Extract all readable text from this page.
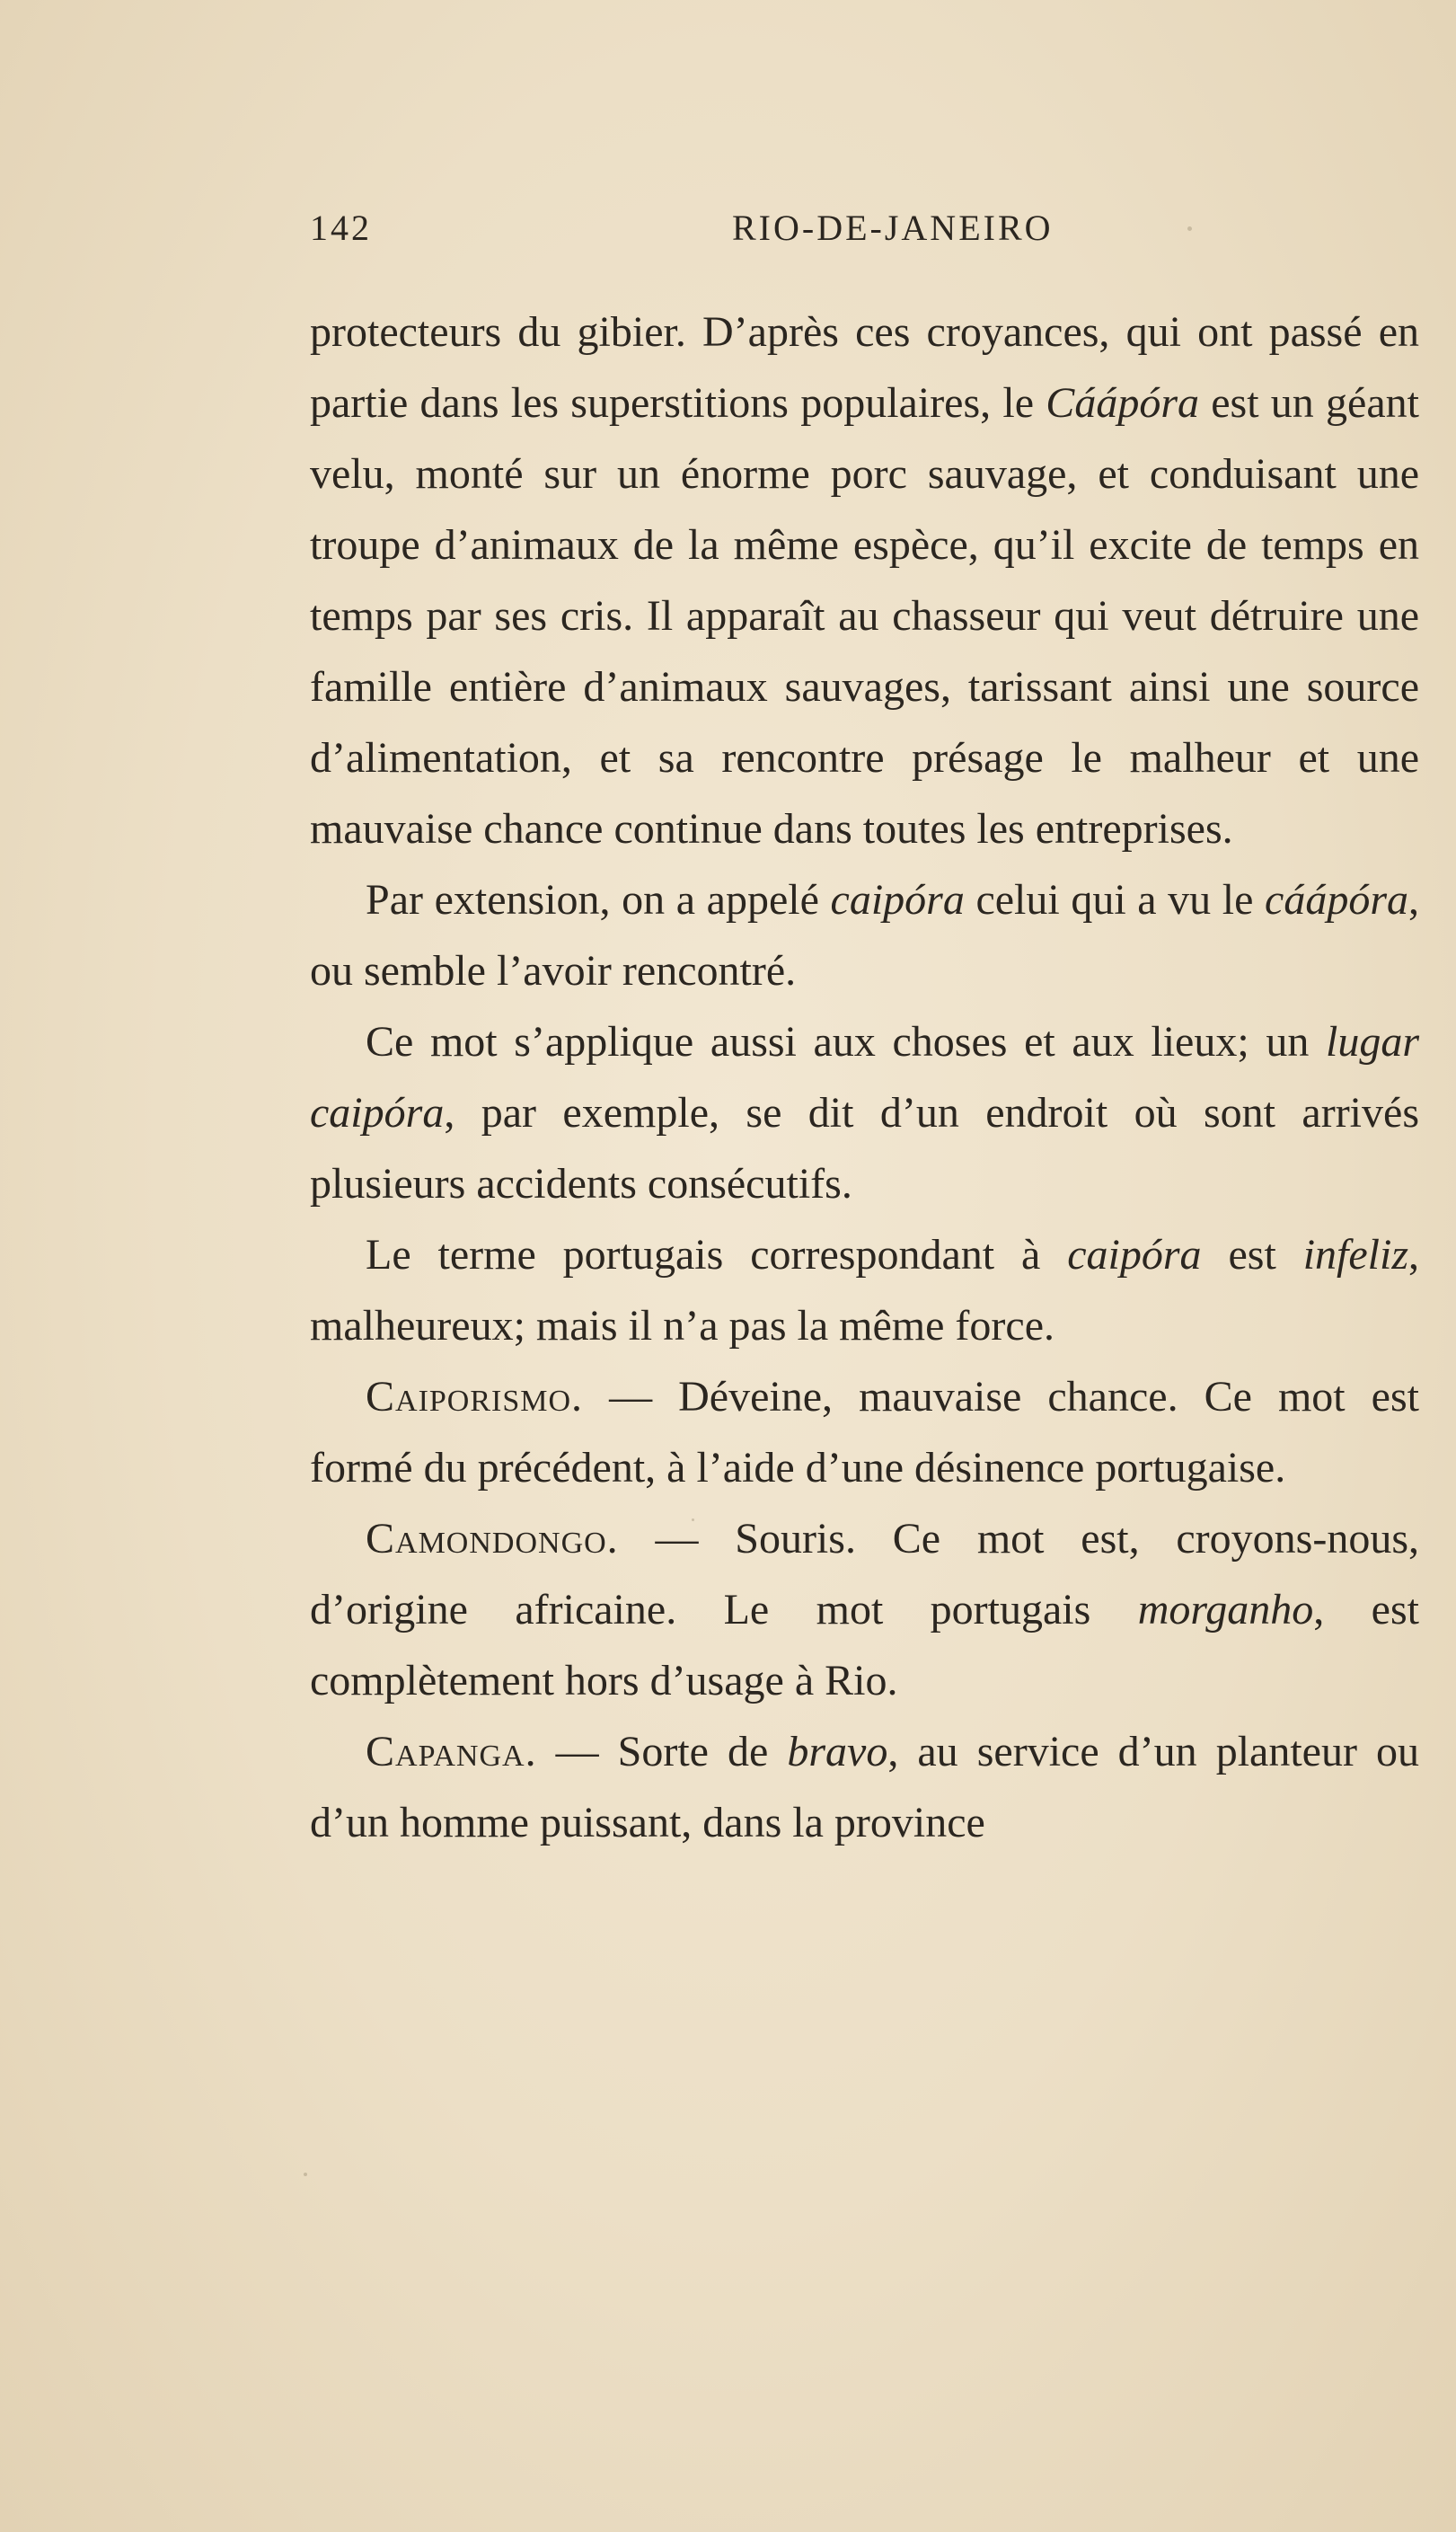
142	RIO-DE-JANEIRO

protecteurs du gibier. D’après ces croyances, qui ont passé en partie dans les superstitions populaires, le Cáápóra est un géant velu, monté sur un énorme porc sauvage, et conduisant une troupe d’animaux de la même espèce, qu’il excite de temps en temps par ses cris. Il apparaît au chasseur qui veut détruire une famille entière d’animaux sauvages, tarissant ainsi une source d’alimentation, et sa rencontre présage le malheur et une mauvaise chance continue dans toutes les entreprises.

Par extension, on a appelé caipóra celui qui a vu le cáápóra, ou semble l’avoir rencontré.

Ce mot s’applique aussi aux choses et aux lieux; un lugar caipóra, par exemple, se dit d’un endroit où sont arrivés plusieurs accidents consécutifs.

Le terme portugais correspondant à caipóra est infeliz, malheureux; mais il n’a pas la même force.

Caiporismo. — Déveine, mauvaise chance. Ce mot est formé du précédent, à l’aide d’une désinence portugaise.

Camondongo. — Souris. Ce mot est, croyons-nous, d’origine africaine. Le mot portugais morganho, est complètement hors d’usage à Rio.

Capanga. — Sorte de bravo, au service d’un planteur ou d’un homme puissant, dans la province
